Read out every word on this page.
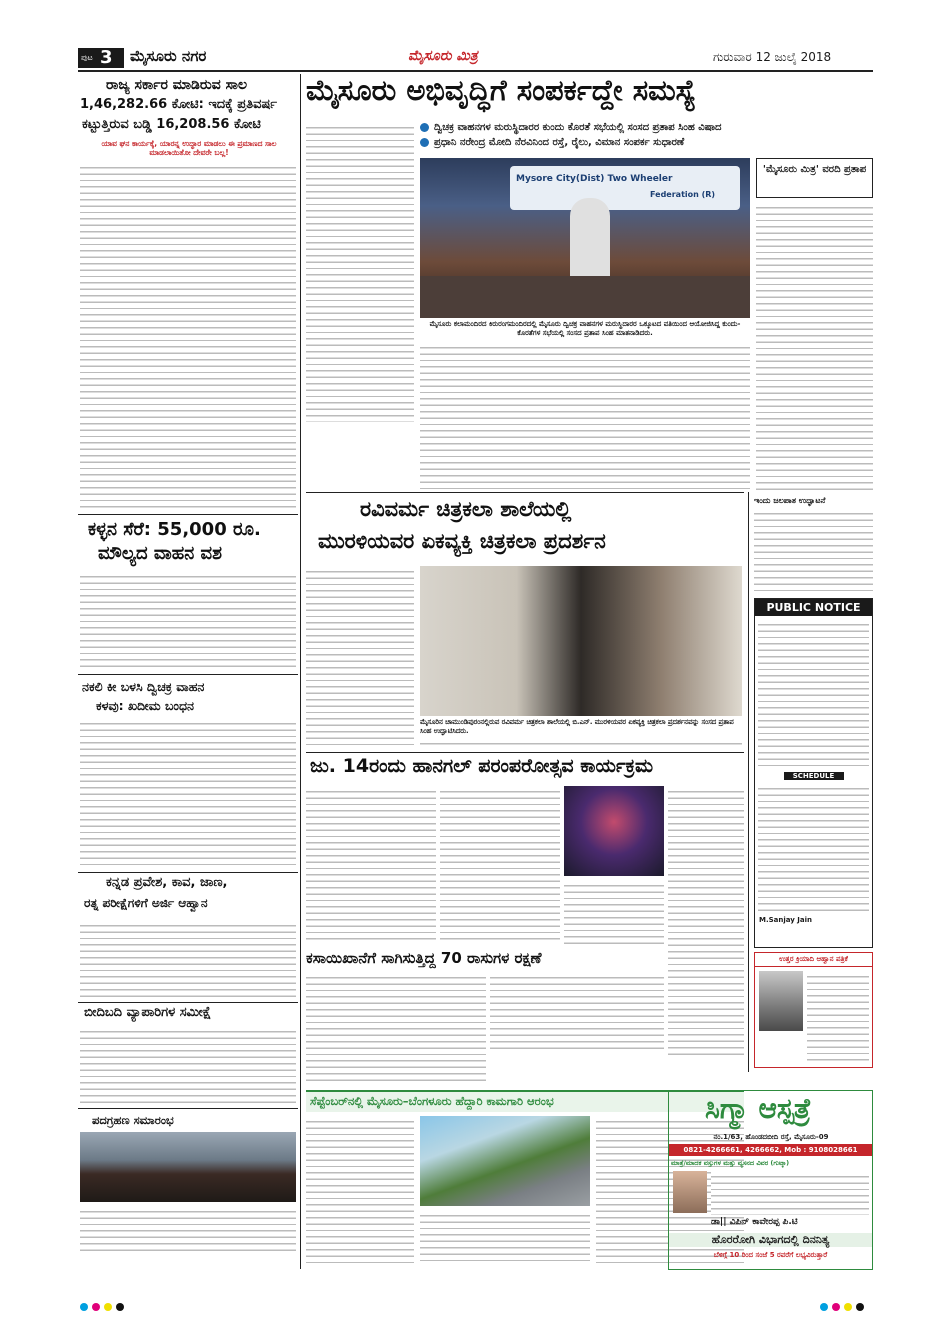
ಪುಟ 3 ಮೈಸೂರು ನಗರ	ಮೈಸೂರು ಮಿತ್ರ	ಗುರುವಾರ 12 ಜುಲೈ 2018
ರಾಜ್ಯ ಸರ್ಕಾರ ಮಾಡಿರುವ ಸಾಲ
1,46,282.66 ಕೋಟಿ: ಇದಕ್ಕೆ ಪ್ರತಿವರ್ಷ
ಕಟ್ಟುತ್ತಿರುವ ಬಡ್ಡಿ 16,208.56 ಕೋಟಿ
ಯಾವ ಘನ ಕಾರ್ಯಕ್ಕೆ, ಯಾರನ್ನ ಉದ್ಧಾರ ಮಾಡಲು ಈ ಪ್ರಮಾಣದ ಸಾಲ ಮಾಡಲಾಯಿತೋ ದೇವರೇ ಬಲ್ಲ!
ಕಳ್ಳನ ಸೆರೆ: 55,000 ರೂ.
ಮೌಲ್ಯದ ವಾಹನ ವಶ
ನಕಲಿ ಕೀ ಬಳಸಿ ದ್ವಿಚಕ್ರ ವಾಹನ
ಕಳವು: ಖದೀಮ ಬಂಧನ
ಕನ್ನಡ ಪ್ರವೇಶ, ಕಾವ, ಜಾಣ,
ರತ್ನ ಪರೀಕ್ಷೆಗಳಿಗೆ ಅರ್ಜಿ ಆಹ್ವಾನ
ಬೀದಿಬದಿ ವ್ಯಾಪಾರಿಗಳ ಸಮೀಕ್ಷೆ
ಪದಗ್ರಹಣ ಸಮಾರಂಭ
ಮೈಸೂರು ಅಭಿವೃದ್ಧಿಗೆ ಸಂಪರ್ಕದ್ದೇ ಸಮಸ್ಯೆ
ದ್ವಿಚಕ್ರ ವಾಹನಗಳ ಮರುಸ್ಥಿದಾರರ ಕುಂದು ಕೊರತೆ ಸಭೆಯಲ್ಲಿ ಸಂಸದ ಪ್ರತಾಪ ಸಿಂಹ ವಿಷಾದ
ಪ್ರಧಾನಿ ನರೇಂದ್ರ ಮೋದಿ ನೆರವಿನಿಂದ ರಸ್ತೆ, ರೈಲು, ವಿಮಾನ ಸಂಪರ್ಕ ಸುಧಾರಣೆ
Mysore City(Dist) Two Wheeler
Federation (R)
ಮೈಸೂರು ಕಲಾಮಂದಿರದ ಕಿರುರಂಗಮಂದಿರದಲ್ಲಿ ಮೈಸೂರು ದ್ವಿಚಕ್ರ ವಾಹನಗಳ ಮರುಸ್ಥಿದಾರರ ಒಕ್ಕೂಟದ ವತಿಯಿಂದ ಆಯೋಜಿಸಿದ್ದ ಕುಂದು-ಕೊರತೆಗಳ ಸಭೆಯಲ್ಲಿ ಸಂಸದ ಪ್ರತಾಪ ಸಿಂಹ ಮಾತನಾಡಿದರು.
'ಮೈಸೂರು ಮಿತ್ರ' ವರದಿ ಪ್ರತಾಪ
ರವಿವರ್ಮ ಚಿತ್ರಕಲಾ ಶಾಲೆಯಲ್ಲಿ
ಮುರಳಿಯವರ ಏಕವ್ಯಕ್ತಿ ಚಿತ್ರಕಲಾ ಪ್ರದರ್ಶನ
ಮೈಸೂರಿನ ಚಾಮುಂಡಿಪುರಂನಲ್ಲಿರುವ ರವಿವರ್ಮ ಚಿತ್ರಕಲಾ ಶಾಲೆಯಲ್ಲಿ ಬಿ.ಎನ್. ಮುರಳಿಯವರ ಏಕವ್ಯಕ್ತಿ ಚಿತ್ರಕಲಾ ಪ್ರದರ್ಶನವನ್ನು ಸಂಸದ ಪ್ರತಾಪ ಸಿಂಹ ಉದ್ಘಾಟಿಸಿದರು.
ಜು. 14ರಂದು ಹಾನಗಲ್ ಪರಂಪರೋತ್ಸವ ಕಾರ್ಯಕ್ರಮ
ಕಸಾಯಿಖಾನೆಗೆ ಸಾಗಿಸುತ್ತಿದ್ದ 70 ರಾಸುಗಳ ರಕ್ಷಣೆ
ಸೆಪ್ಟೆಂಬರ್‌ನಲ್ಲಿ ಮೈಸೂರು–ಬೆಂಗಳೂರು ಹೆದ್ದಾರಿ ಕಾಮಗಾರಿ ಆರಂಭ
ಇಂದು ಜಲಪಾತ ಉದ್ಘಾಟನೆ
PUBLIC NOTICE
SCHEDULE
M.Sanjay Jain
ಉತ್ತರ ಕ್ರಿಯಾದಿ ಆಹ್ವಾನ ಪತ್ರಿಕೆ
ಸಿಗ್ಮಾ ಆಸ್ಪತ್ರೆ
ನಂ.1/63, ಹೊಂಡದಬೀದಿ ರಸ್ತೆ, ಮೈಸೂರು-09
0821-4266661, 4266662, Mob : 9108028661
ಮಾತ್ರೆ/ಮಾದಕ ವಸ್ತುಗಳ ಮತ್ತು ವ್ಯಸನದ ವಿವರ (ಗುಟ್ಕಾ)
ಡಾ|| ವಿಪಿನ್ ಕಾವೇರಪ್ಪ ಪಿ.ಟಿ
ಹೊರರೋಗಿ ವಿಭಾಗದಲ್ಲಿ ದಿನನಿತ್ಯ
ಬೆಳಿಗ್ಗೆ 10 ರಿಂದ ಸಂಜೆ 5 ರವರೆಗೆ ಲಭ್ಯವಿರುತ್ತಾರೆ
